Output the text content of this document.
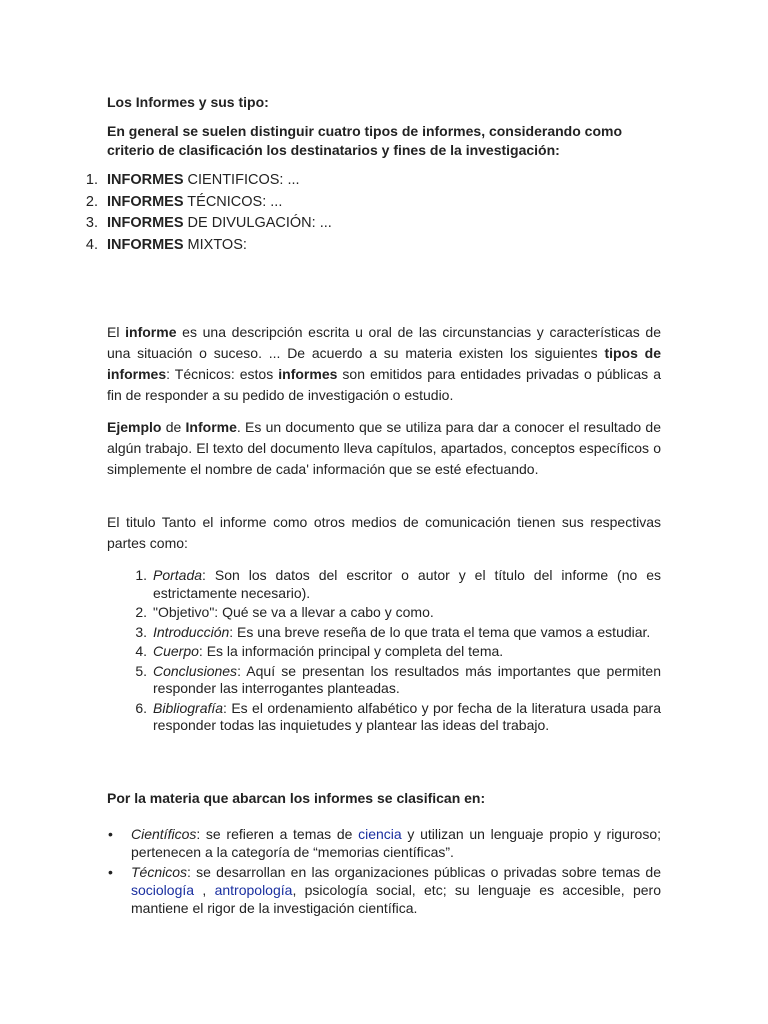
Los Informes y sus tipo:

En general se suelen distinguir cuatro tipos de informes, considerando como criterio de clasificación los destinatarios y fines de la investigación:

1. INFORMES CIENTIFICOS: ...
2. INFORMES TÉCNICOS: ...
3. INFORMES DE DIVULGACIÓN: ...
4. INFORMES MIXTOS:

El informe es una descripción escrita u oral de las circunstancias y características de una situación o suceso. ... De acuerdo a su materia existen los siguientes tipos de informes: Técnicos: estos informes son emitidos para entidades privadas o públicas a fin de responder a su pedido de investigación o estudio.

Ejemplo de Informe. Es un documento que se utiliza para dar a conocer el resultado de algún trabajo. El texto del documento lleva capítulos, apartados, conceptos específicos o simplemente el nombre de cada' información que se esté efectuando.

El titulo Tanto el informe como otros medios de comunicación tienen sus respectivas partes como:

1. Portada: Son los datos del escritor o autor y el título del informe (no es estrictamente necesario).
2. "Objetivo": Qué se va a llevar a cabo y como.
3. Introducción: Es una breve reseña de lo que trata el tema que vamos a estudiar.
4. Cuerpo: Es la información principal y completa del tema.
5. Conclusiones: Aquí se presentan los resultados más importantes que permiten responder las interrogantes planteadas.
6. Bibliografía: Es el ordenamiento alfabético y por fecha de la literatura usada para responder todas las inquietudes y plantear las ideas del trabajo.

Por la materia que abarcan los informes se clasifican en:

• Científicos: se refieren a temas de ciencia y utilizan un lenguaje propio y riguroso; pertenecen a la categoría de “memorias científicas”.
• Técnicos: se desarrollan en las organizaciones públicas o privadas sobre temas de sociología , antropología, psicología social, etc; su lenguaje es accesible, pero mantiene el rigor de la investigación científica.
